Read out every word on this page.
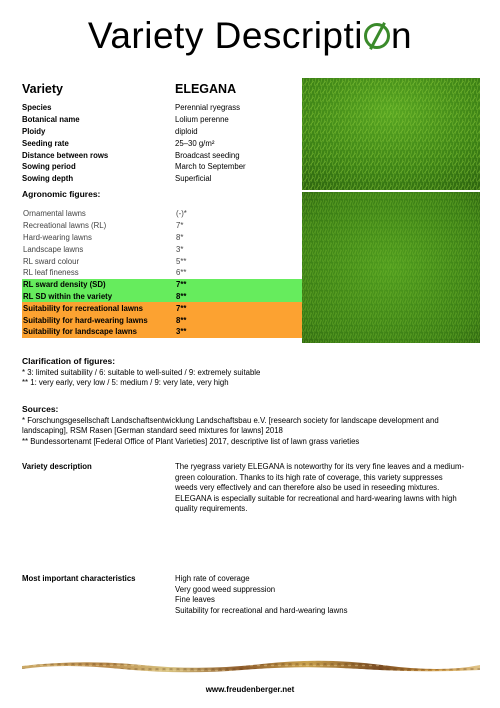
Variety Descripti n
Variety	ELEGANA
Species	Perennial ryegrass
Botanical name	Lolium perenne
Ploidy	diploid
Seeding rate	25–30 g/m²
Distance between rows	Broadcast seeding
Sowing period	March to September
Sowing depth	Superficial
Agronomic figures:
Ornamental lawns	(-)*
Recreational lawns (RL)	7*
Hard-wearing lawns	8*
Landscape lawns	3*
RL sward colour	5**
RL leaf fineness	6**
RL sward density (SD)	7**
RL SD within the variety	8**
Suitability for recreational lawns	7**
Suitability for hard-wearing lawns	8**
Suitability for landscape lawns	3**
Clarification of figures:
* 3: limited suitability / 6: suitable to well-suited / 9: extremely suitable
** 1: very early, very low / 5: medium / 9: very late, very high
Sources:
* Forschungsgesellschaft Landschaftsentwicklung Landschaftsbau e.V. [research society for landscape development and landscaping], RSM Rasen [German standard seed mixtures for lawns] 2018
** Bundessortenamt [Federal Office of Plant Varieties] 2017, descriptive list of lawn grass varieties
Variety description	The ryegrass variety ELEGANA is noteworthy for its very fine leaves and a medium-green colouration. Thanks to its high rate of coverage, this variety suppresses weeds very effectively and can therefore also be used in reseeding mixtures. ELEGANA is especially suitable for recreational and hard-wearing lawns with high quality requirements.
Most important characteristics	High rate of coverage
Very good weed suppression
Fine leaves
Suitability for recreational and hard-wearing lawns
www.freudenberger.net
